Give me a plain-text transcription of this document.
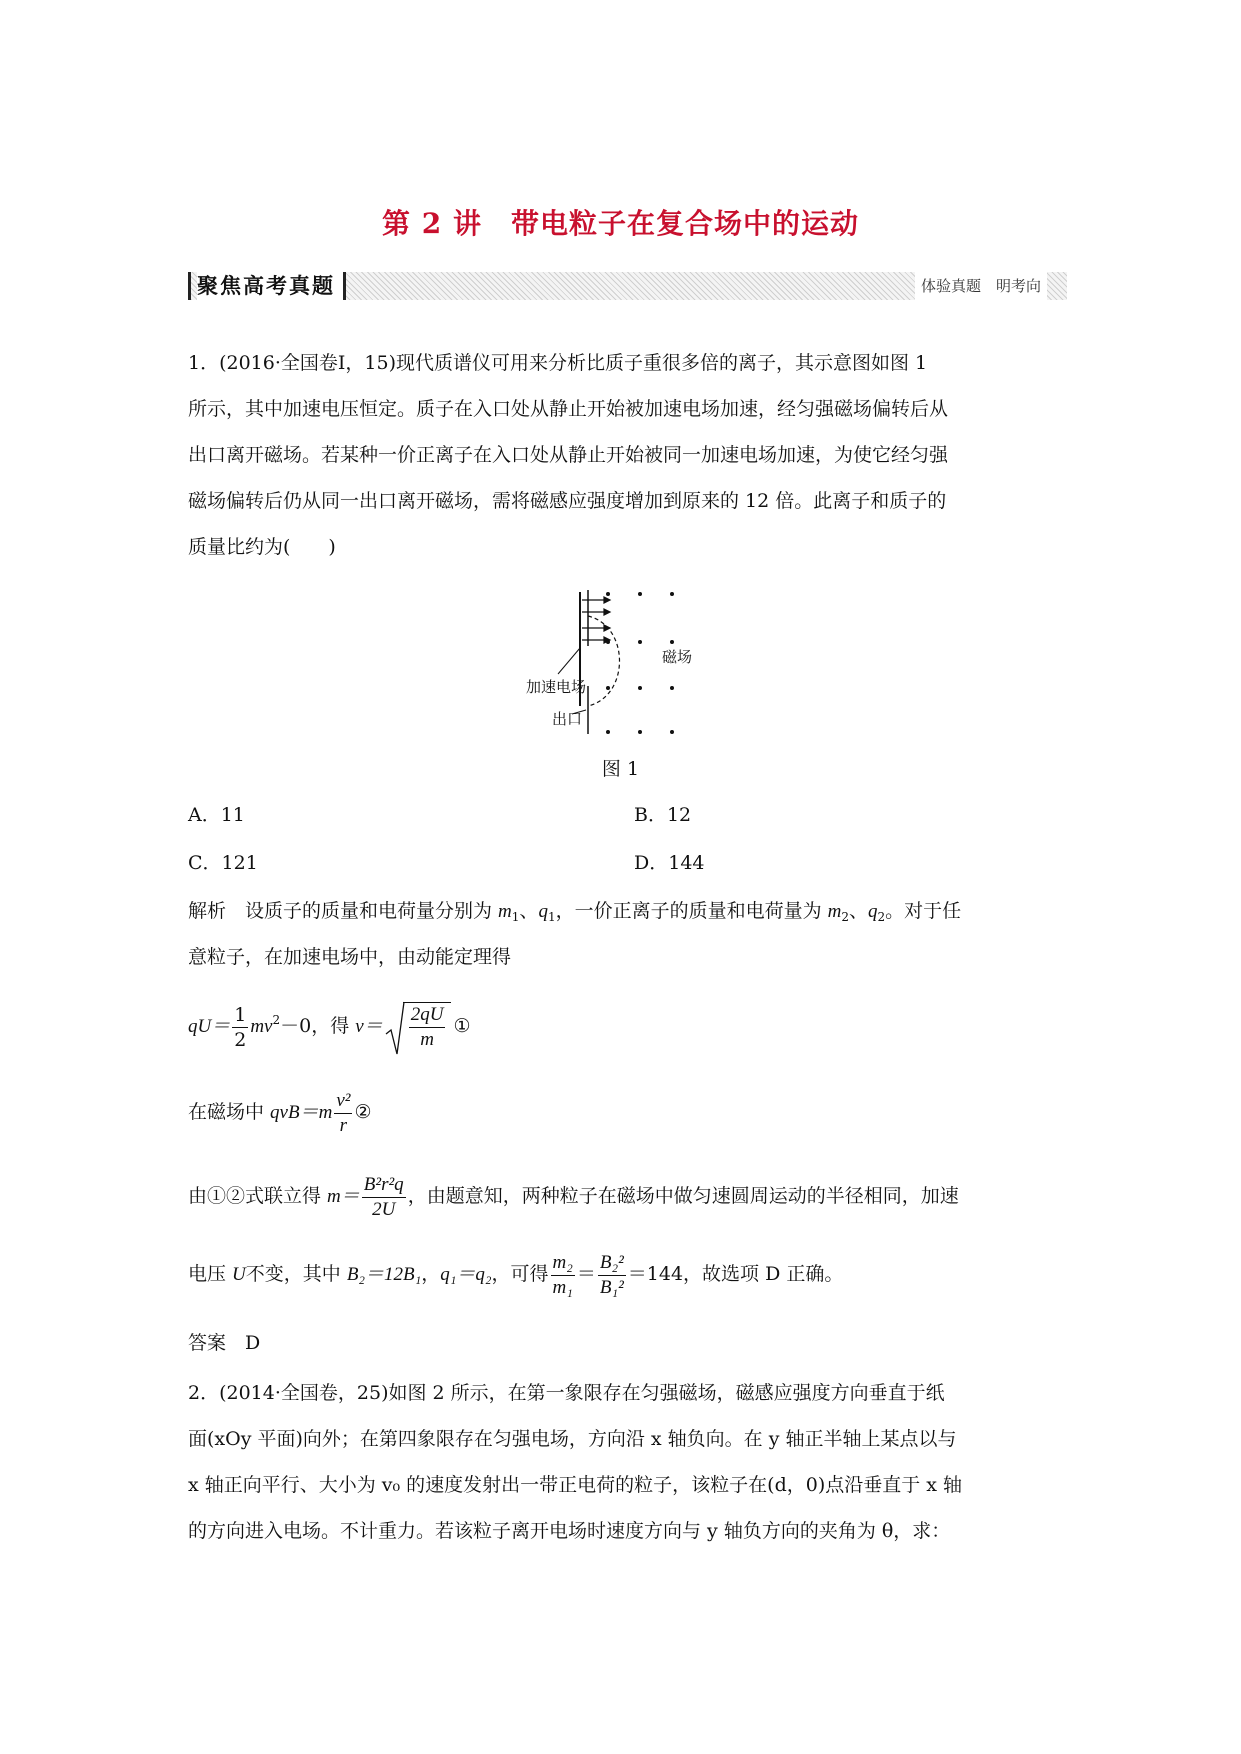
第 2 讲　带电粒子在复合场中的运动
聚焦高考真题	体验真题　明考向
1．(2016·全国卷Ⅰ，15)现代质谱仪可用来分析比质子重很多倍的离子，其示意图如图 1
所示，其中加速电压恒定。质子在入口处从静止开始被加速电场加速，经匀强磁场偏转后从
出口离开磁场。若某种一价正离子在入口处从静止开始被同一加速电场加速，为使它经匀强
磁场偏转后仍从同一出口离开磁场，需将磁感应强度增加到原来的 12 倍。此离子和质子的
质量比约为(　　)
加速电场
出口
磁场
图 1
A．11	B．12
C．121	D．144
解析　设质子的质量和电荷量分别为 $m_1$、$q_1$，一价正离子的质量和电荷量为 $m_2$、$q_2$。对于任
意粒子，在加速电场中，由动能定理得
$qU= \frac{1}{2} mv^2-0$，得 $v= \frac{2qU}{m}$ ①
在磁场中 $qvB=m \frac{\text{v²}}{r}$ ②
由①②式联立得 $m= \frac{\text{B²r²q}}{2U}$ ，由题意知，两种粒子在磁场中做匀速圆周运动的半径相同，加速
电压 U不变，其中 B₂＝12B₁，q₁＝q₂，可得 $\frac{\text{m₂}}{\text{m₁}} = \frac{\text{B₂²}}{\text{B₁²}} =144$，故选项 D 正确。
答案　D
2．(2014·全国卷，25)如图 2 所示，在第一象限存在匀强磁场，磁感应强度方向垂直于纸
面(xOy 平面)向外；在第四象限存在匀强电场，方向沿 x 轴负向。在 y 轴正半轴上某点以与
x 轴正向平行、大小为 v₀ 的速度发射出一带正电荷的粒子，该粒子在(d，0)点沿垂直于 x 轴
的方向进入电场。不计重力。若该粒子离开电场时速度方向与 y 轴负方向的夹角为 θ，求：
